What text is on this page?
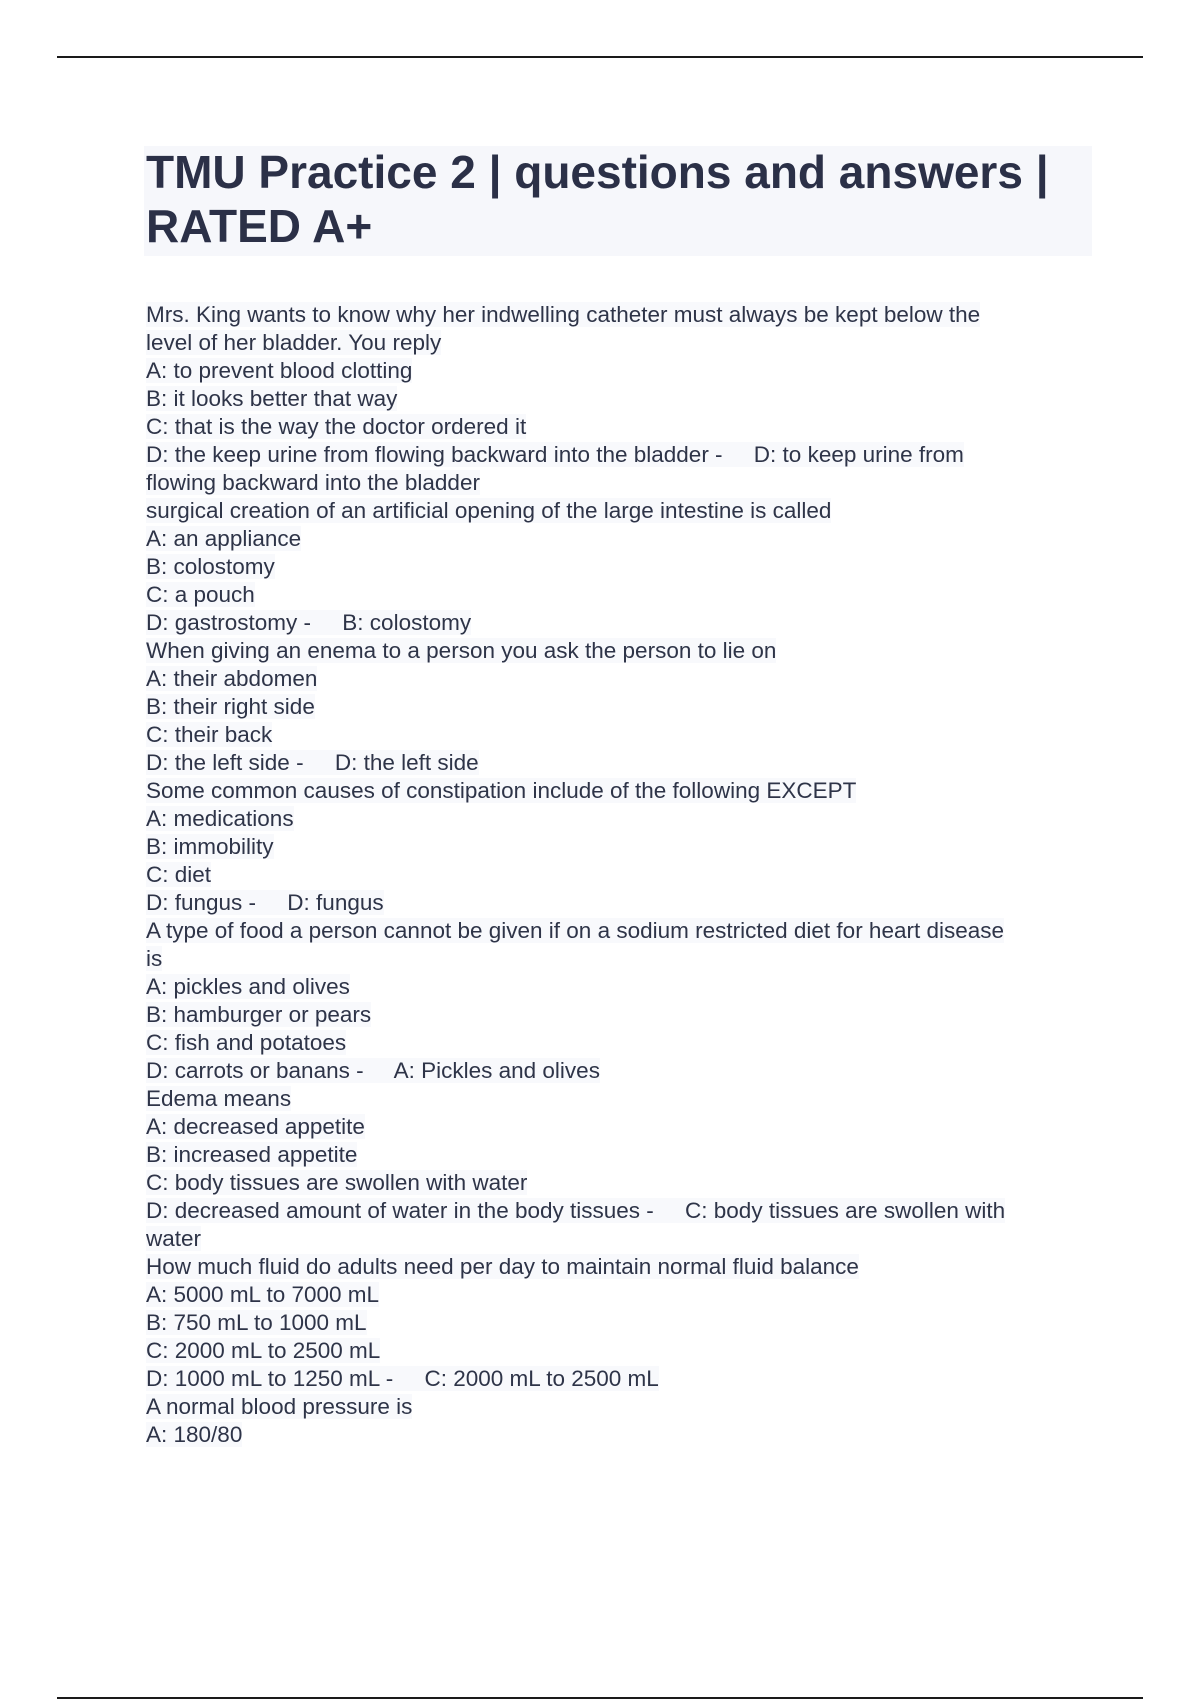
TMU Practice 2 | questions and answers | RATED A+
Mrs. King wants to know why her indwelling catheter must always be kept below the
level of her bladder. You reply
A: to prevent blood clotting
B: it looks better that way
C: that is the way the doctor ordered it
D: the keep urine from flowing backward into the bladder -     D: to keep urine from
flowing backward into the bladder
surgical creation of an artificial opening of the large intestine is called
A: an appliance
B: colostomy
C: a pouch
D: gastrostomy -     B: colostomy
When giving an enema to a person you ask the person to lie on
A: their abdomen
B: their right side
C: their back
D: the left side -     D: the left side
Some common causes of constipation include of the following EXCEPT
A: medications
B: immobility
C: diet
D: fungus -     D: fungus
A type of food a person cannot be given if on a sodium restricted diet for heart disease
is
A: pickles and olives
B: hamburger or pears
C: fish and potatoes
D: carrots or banans -     A: Pickles and olives
Edema means
A: decreased appetite
B: increased appetite
C: body tissues are swollen with water
D: decreased amount of water in the body tissues -     C: body tissues are swollen with
water
How much fluid do adults need per day to maintain normal fluid balance
A: 5000 mL to 7000 mL
B: 750 mL to 1000 mL
C: 2000 mL to 2500 mL
D: 1000 mL to 1250 mL -     C: 2000 mL to 2500 mL
A normal blood pressure is
A: 180/80
